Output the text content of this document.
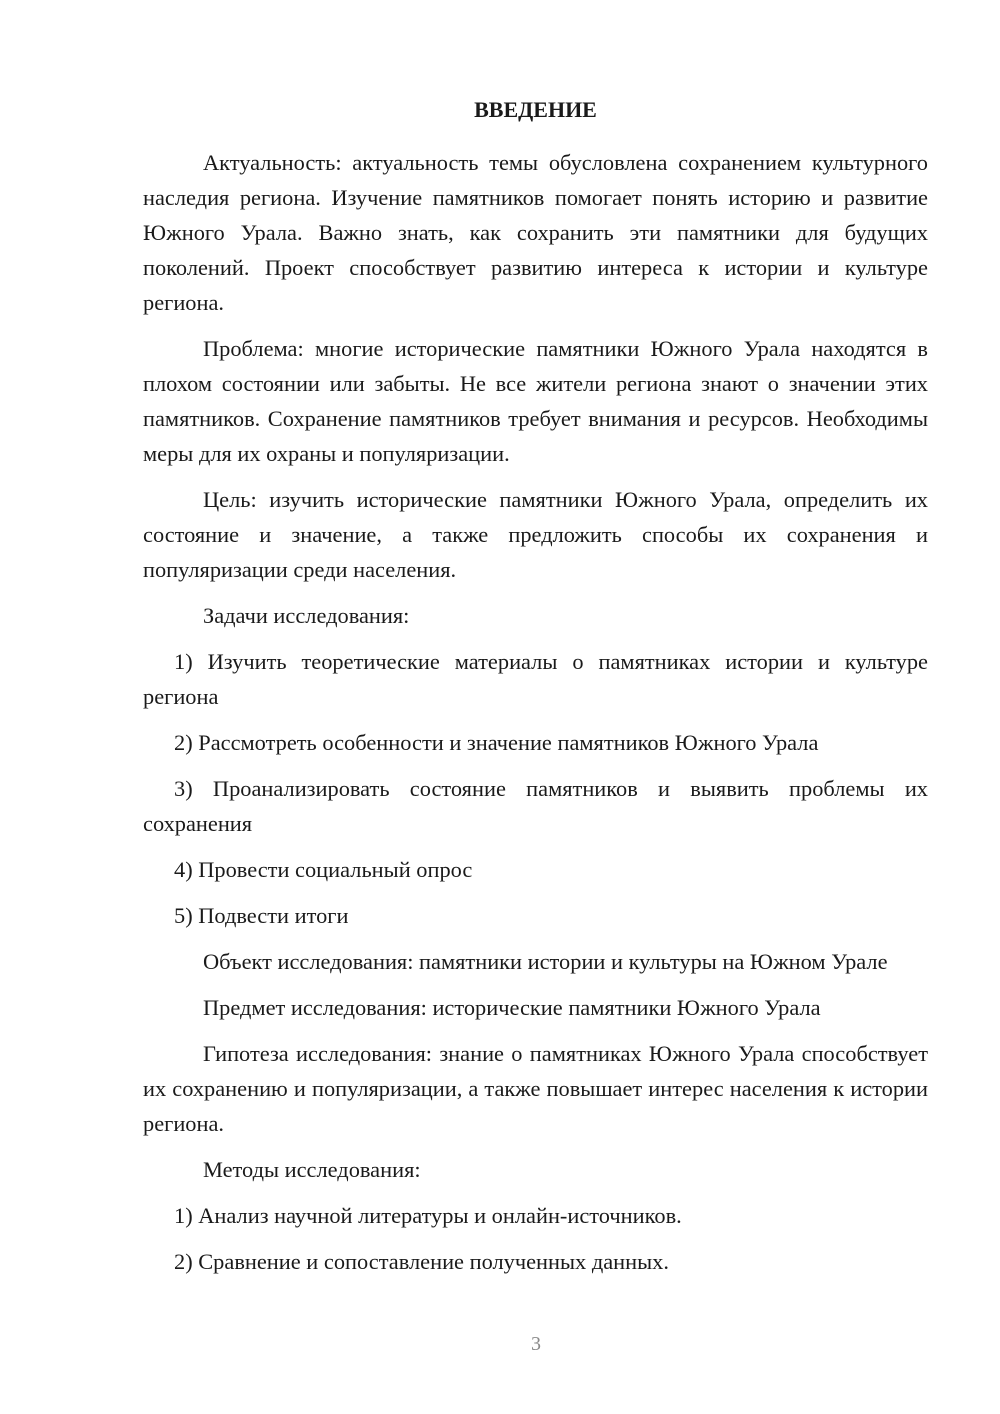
ВВЕДЕНИЕ

Актуальность: актуальность темы обусловлена сохранением культурного наследия региона. Изучение памятников помогает понять историю и развитие Южного Урала. Важно знать, как сохранить эти памятники для будущих поколений. Проект способствует развитию интереса к истории и культуре региона.

Проблема: многие исторические памятники Южного Урала находятся в плохом состоянии или забыты. Не все жители региона знают о значении этих памятников. Сохранение памятников требует внимания и ресурсов. Необходимы меры для их охраны и популяризации.

Цель: изучить исторические памятники Южного Урала, определить их состояние и значение, а также предложить способы их сохранения и популяризации среди населения.

Задачи исследования:

1) Изучить теоретические материалы о памятниках истории и культуре региона

2) Рассмотреть особенности и значение памятников Южного Урала

3) Проанализировать состояние памятников и выявить проблемы их сохранения

4) Провести социальный опрос

5) Подвести итоги

Объект исследования: памятники истории и культуры на Южном Урале

Предмет исследования: исторические памятники Южного Урала

Гипотеза исследования: знание о памятниках Южного Урала способствует их сохранению и популяризации, а также повышает интерес населения к истории региона.

Методы исследования:

1) Анализ научной литературы и онлайн-источников.

2) Сравнение и сопоставление полученных данных.

3
